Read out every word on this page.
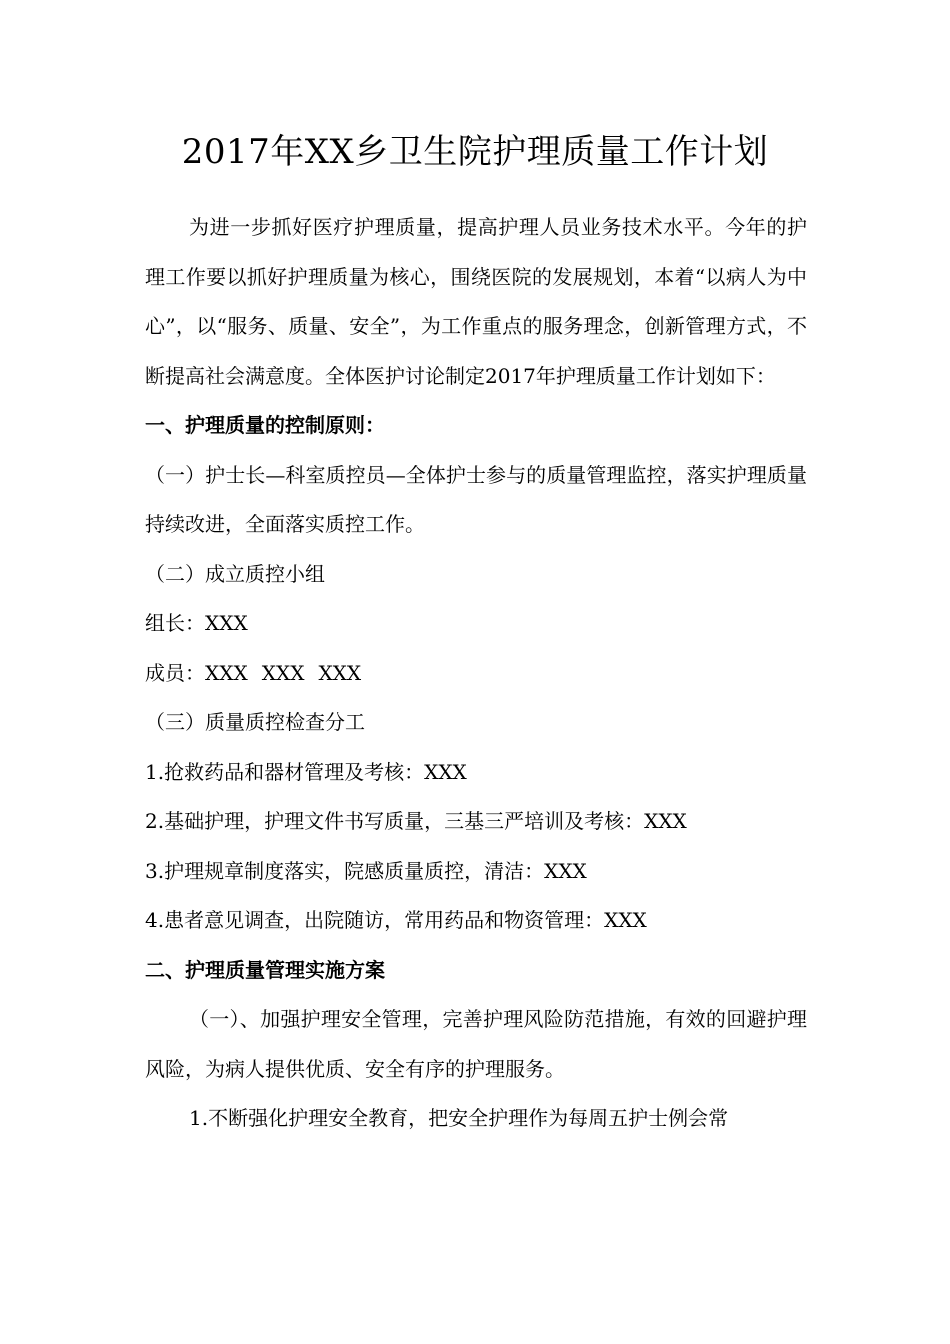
2017年XX乡卫生院护理质量工作计划

为进一步抓好医疗护理质量，提高护理人员业务技术水平。今年的护理工作要以抓好护理质量为核心，围绕医院的发展规划，本着“以病人为中心”，以“服务、质量、安全”，为工作重点的服务理念，创新管理方式，不断提高社会满意度。全体医护讨论制定2017年护理质量工作计划如下：

一、护理质量的控制原则：

（一）护士长—科室质控员—全体护士参与的质量管理监控，落实护理质量持续改进，全面落实质控工作。

（二）成立质控小组

组长：XXX

成员：XXX XXX XXX

（三）质量质控检查分工

1.抢救药品和器材管理及考核：XXX

2.基础护理，护理文件书写质量，三基三严培训及考核：XXX

3.护理规章制度落实，院感质量质控，清洁：XXX

4.患者意见调查，出院随访，常用药品和物资管理：XXX

二、护理质量管理实施方案

（一）、加强护理安全管理，完善护理风险防范措施，有效的回避护理风险，为病人提供优质、安全有序的护理服务。

1.不断强化护理安全教育，把安全护理作为每周五护士例会常
